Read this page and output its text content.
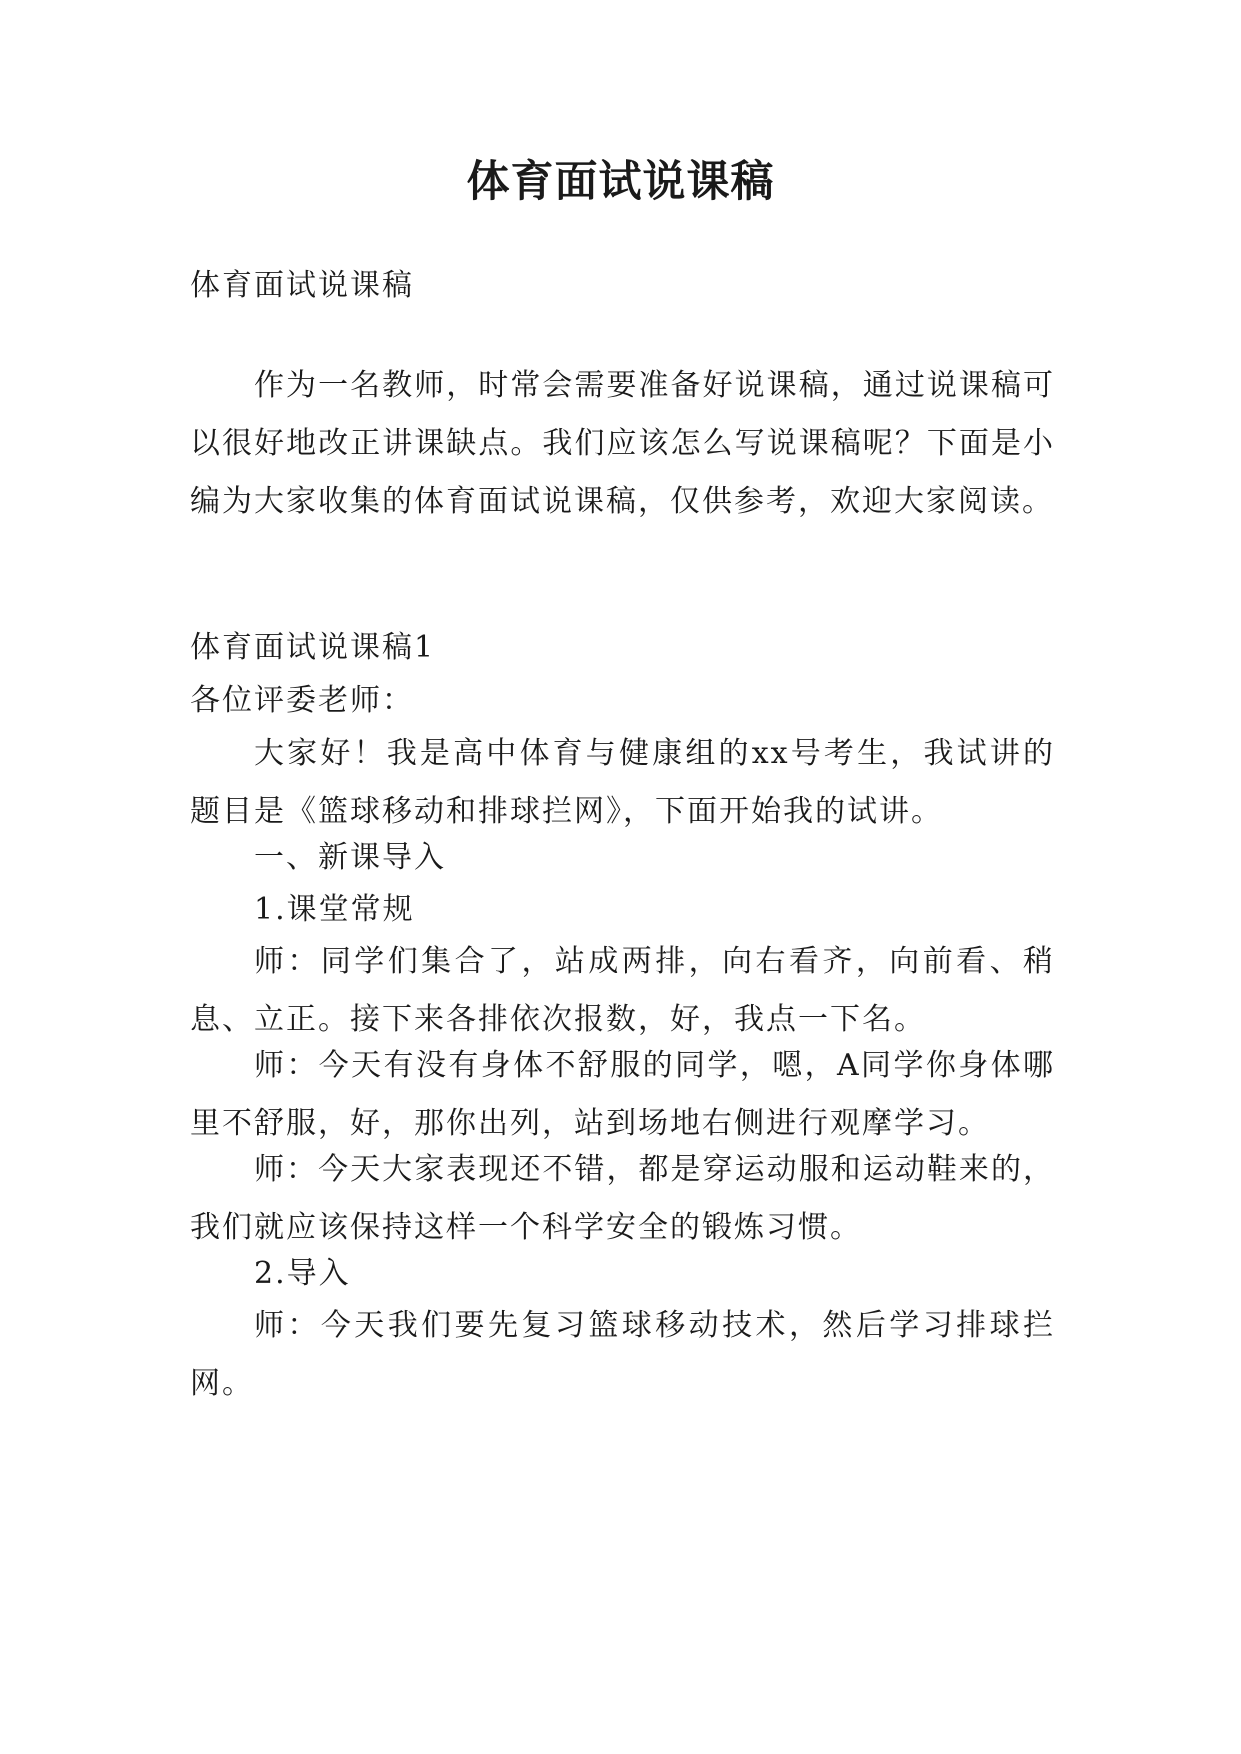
体育面试说课稿

体育面试说课稿

作为一名教师，时常会需要准备好说课稿，通过说课稿可以很好地改正讲课缺点。我们应该怎么写说课稿呢？下面是小编为大家收集的体育面试说课稿，仅供参考，欢迎大家阅读。

体育面试说课稿1

各位评委老师：

大家好！我是高中体育与健康组的xx号考生，我试讲的题目是《篮球移动和排球拦网》，下面开始我的试讲。

一、新课导入

1.课堂常规

师：同学们集合了，站成两排，向右看齐，向前看、稍息、立正。接下来各排依次报数，好，我点一下名。

师：今天有没有身体不舒服的同学，嗯，A同学你身体哪里不舒服，好，那你出列，站到场地右侧进行观摩学习。

师：今天大家表现还不错，都是穿运动服和运动鞋来的，我们就应该保持这样一个科学安全的锻炼习惯。

2.导入

师：今天我们要先复习篮球移动技术，然后学习排球拦网。
